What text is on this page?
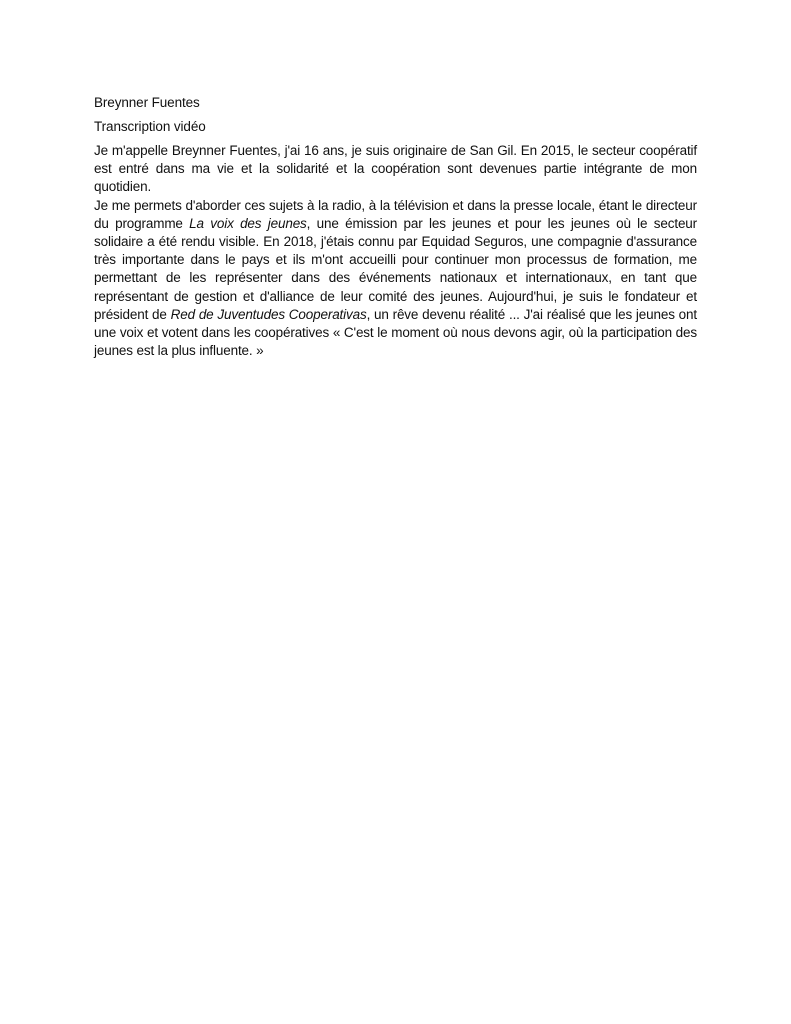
Breynner Fuentes

Transcription vidéo

Je m'appelle Breynner Fuentes, j'ai 16 ans, je suis originaire de San Gil. En 2015, le secteur coopératif est entré dans ma vie et la solidarité et la coopération sont devenues partie intégrante de mon quotidien.

Je me permets d'aborder ces sujets à la radio, à la télévision et dans la presse locale, étant le directeur du programme La voix des jeunes, une émission par les jeunes et pour les jeunes où le secteur solidaire a été rendu visible. En 2018, j'étais connu par Equidad Seguros, une compagnie d'assurance très importante dans le pays et ils m'ont accueilli pour continuer mon processus de formation, me permettant de les représenter dans des événements nationaux et internationaux, en tant que représentant de gestion et d'alliance de leur comité des jeunes. Aujourd'hui, je suis le fondateur et président de Red de Juventudes Cooperativas, un rêve devenu réalité ... J'ai réalisé que les jeunes ont une voix et votent dans les coopératives « C'est le moment où nous devons agir, où la participation des jeunes est la plus influente. »
